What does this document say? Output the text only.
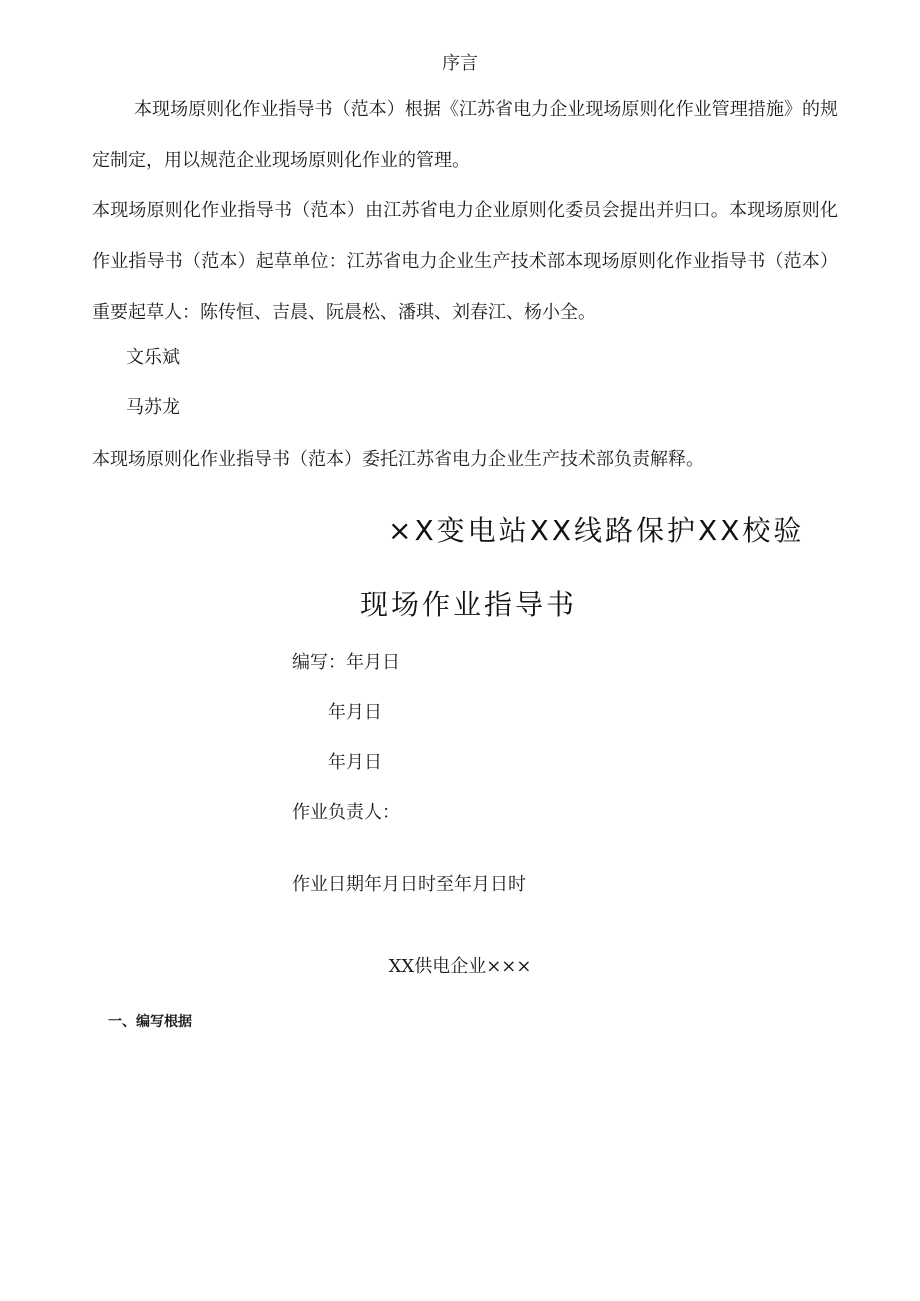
序言
本现场原则化作业指导书（范本）根据《江苏省电力企业现场原则化作业管理措施》的规定制定，用以规范企业现场原则化作业的管理。
本现场原则化作业指导书（范本）由江苏省电力企业原则化委员会提出并归口。本现场原则化作业指导书（范本）起草单位：江苏省电力企业生产技术部本现场原则化作业指导书（范本）重要起草人：陈传恒、吉晨、阮晨松、潘琪、刘春江、杨小全。
文乐斌
马苏龙
本现场原则化作业指导书（范本）委托江苏省电力企业生产技术部负责解释。
×X变电站XX线路保护XX校验
现场作业指导书
编写：年月日
年月日
年月日
作业负责人：
作业日期年月日时至年月日时
XX供电企业×××
一、编写根据
